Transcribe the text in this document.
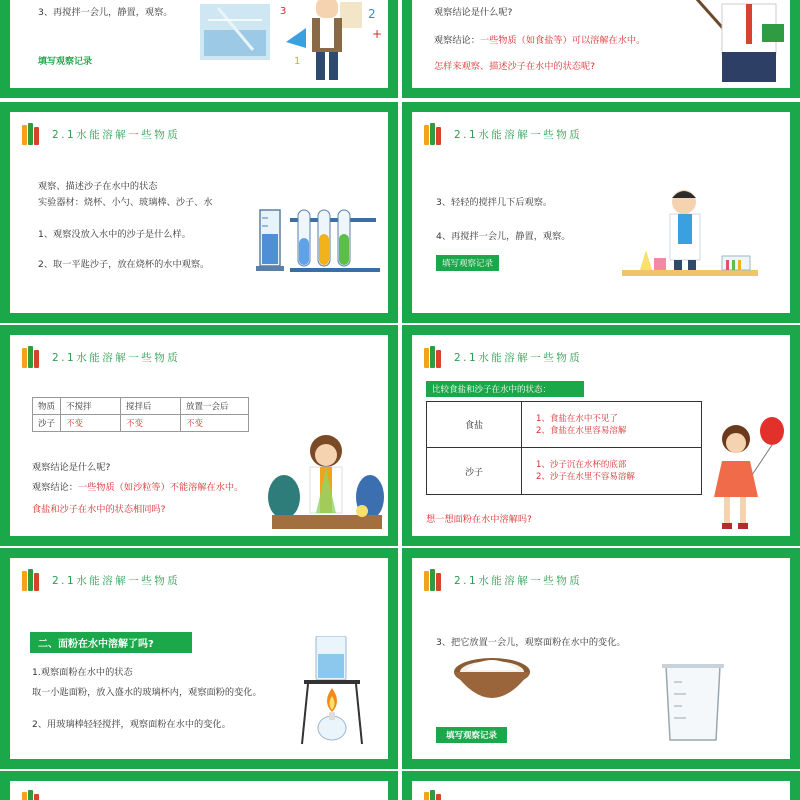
3、再搅拌一会儿，静置，观察。
填写观察记录
3	2
+
1
观察结论是什么呢?
观察结论：一些物质（如食盐等）可以溶解在水中。
怎样来观察、描述沙子在水中的状态呢?
2.1水能溶解一些物质
观察、描述沙子在水中的状态
实验器材：烧杯、小勺、玻璃棒、沙子、水
1、观察没放入水中的沙子是什么样。
2、取一平匙沙子，放在烧杯的水中观察。
2.1水能溶解一些物质
3、轻轻的搅拌几下后观察。
4、再搅拌一会儿，静置，观察。
填写观察记录
2.1水能溶解一些物质
物质	不搅拌	搅拌后	放置一会后
沙子	不变	不变	不变
观察结论是什么呢?
观察结论：一些物质（如沙粒等）不能溶解在水中。
食盐和沙子在水中的状态相同吗?
2.1水能溶解一些物质
比较食盐和沙子在水中的状态：
食盐
1、食盐在水中不见了
2、食盐在水里容易溶解
沙子
1、沙子沉在水杯的底部
2、沙子在水里不容易溶解
想一想面粉在水中溶解吗?
2.1水能溶解一些物质
二、面粉在水中溶解了吗?
1.观察面粉在水中的状态
取一小匙面粉，放入盛水的玻璃杯内，观察面粉的变化。
2、用玻璃棒轻轻搅拌，观察面粉在水中的变化。
2.1水能溶解一些物质
3、把它放置一会儿，观察面粉在水中的变化。
填写观察记录
